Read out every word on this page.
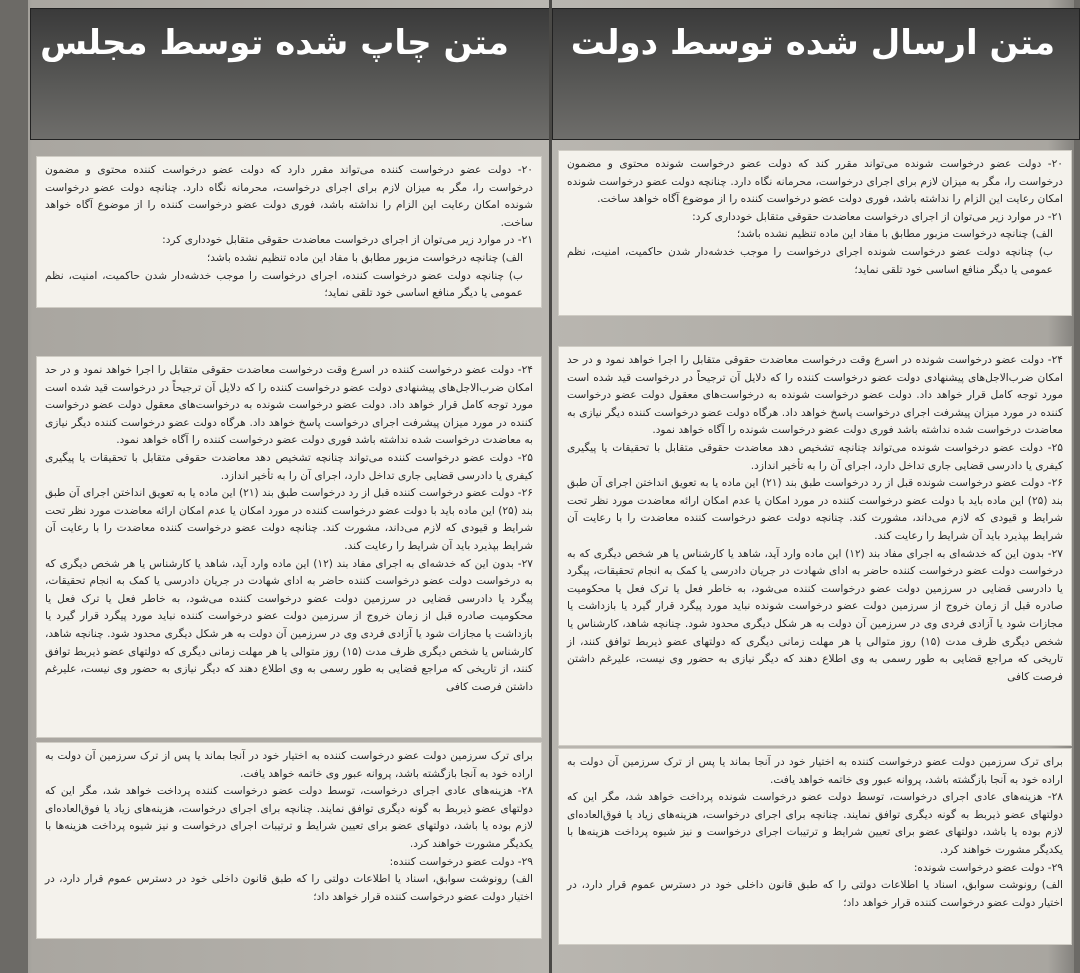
متن ارسال شده توسط دولت
متن چاپ شده توسط مجلس

۲۰- دولت عضو درخواست شونده می‌تواند مقرر کند که دولت عضو درخواست شونده محتوی و مضمون درخواست را، مگر به میزان لازم برای اجرای درخواست، محرمانه نگاه دارد. چنانچه دولت عضو درخواست شونده امکان رعایت این الزام را نداشته باشد، فوری دولت عضو درخواست کننده را از موضوع آگاه خواهد ساخت.

۲۱- در موارد زیر می‌توان از اجرای درخواست معاضدت حقوقی متقابل خودداری کرد:

الف) چنانچه درخواست مزبور مطابق با مفاد این ماده تنظیم نشده باشد؛

ب) چنانچه دولت عضو درخواست شونده اجرای درخواست را موجب خدشه‌دار شدن حاکمیت، امنیت، نظم عمومی یا دیگر منافع اساسی خود تلقی نماید؛

۲۴- دولت عضو درخواست شونده در اسرع وقت درخواست معاضدت حقوقی متقابل را اجرا خواهد نمود و در حد امکان ضرب‌الاجل‌های پیشنهادی دولت عضو درخواست کننده را که دلایل آن ترجیحاً در درخواست قید شده است مورد توجه کامل قرار خواهد داد. دولت عضو درخواست شونده به درخواست‌های معقول دولت عضو درخواست کننده در مورد میزان پیشرفت اجرای درخواست پاسخ خواهد داد. هرگاه دولت عضو درخواست کننده دیگر نیازی به معاضدت درخواست شده نداشته باشد فوری دولت عضو درخواست شونده را آگاه خواهد نمود.

۲۵- دولت عضو درخواست شونده می‌تواند چنانچه تشخیص دهد معاضدت حقوقی متقابل با تحقیقات یا پیگیری کیفری یا دادرسی قضایی جاری تداخل دارد، اجرای آن را به تأخیر اندازد.

۲۶- دولت عضو درخواست شونده قبل از رد درخواست طبق بند (۲۱) این ماده یا به تعویق انداختن اجرای آن طبق بند (۲۵) این ماده باید با دولت عضو درخواست کننده در مورد امکان یا عدم امکان ارائه معاضدت مورد نظر تحت شرایط و قیودی که لازم می‌داند، مشورت کند. چنانچه دولت عضو درخواست کننده معاضدت را با رعایت آن شرایط بپذیرد باید آن شرایط را رعایت کند.

۲۷- بدون این که خدشه‌ای به اجرای مفاد بند (۱۲) این ماده وارد آید، شاهد یا کارشناس یا هر شخص دیگری که به درخواست دولت عضو درخواست کننده حاضر به ادای شهادت در جریان دادرسی یا کمک به انجام تحقیقات، پیگرد یا دادرسی قضایی در سرزمین دولت عضو درخواست کننده می‌شود، به خاطر فعل یا ترک فعل یا محکومیت صادره قبل از زمان خروج از سرزمین دولت عضو درخواست شونده نباید مورد پیگرد قرار گیرد یا بازداشت یا مجازات شود یا آزادی فردی وی در سرزمین آن دولت به هر شکل دیگری محدود شود. چنانچه شاهد، کارشناس یا شخص دیگری ظرف مدت (۱۵) روز متوالی یا هر مهلت زمانی دیگری که دولتهای عضو ذیربط توافق کنند، از تاریخی که مراجع قضایی به طور رسمی به وی اطلاع دهند که دیگر نیازی به حضور وی نیست، علیرغم داشتن فرصت کافی

برای ترک سرزمین دولت عضو درخواست کننده به اختیار خود در آنجا بماند یا پس از ترک سرزمین آن دولت به اراده خود به آنجا بازگشته باشد، پروانه عبور وی خاتمه خواهد یافت.

۲۸- هزینه‌های عادی اجرای درخواست، توسط دولت عضو درخواست شونده پرداخت خواهد شد، مگر این که دولتهای عضو ذیربط به گونه دیگری توافق نمایند. چنانچه برای اجرای درخواست، هزینه‌های زیاد یا فوق‌العاده‌ای لازم بوده یا باشد، دولتهای عضو برای تعیین شرایط و ترتیبات اجرای درخواست و نیز شیوه پرداخت هزینه‌ها با یکدیگر مشورت خواهند کرد.

۲۹- دولت عضو درخواست شونده:

الف) رونوشت سوابق، اسناد یا اطلاعات دولتی را که طبق قانون داخلی خود در دسترس عموم قرار دارد، در اختیار دولت عضو درخواست کننده قرار خواهد داد؛

۲۰- دولت عضو درخواست کننده می‌تواند مقرر دارد که دولت عضو درخواست کننده محتوی و مضمون درخواست را، مگر به میزان لازم برای اجرای درخواست، محرمانه نگاه دارد. چنانچه دولت عضو درخواست شونده امکان رعایت این الزام را نداشته باشد، فوری دولت عضو درخواست کننده را از موضوع آگاه خواهد ساخت.

۲۱- در موارد زیر می‌توان از اجرای درخواست معاضدت حقوقی متقابل خودداری کرد:

الف) چنانچه درخواست مزبور مطابق با مفاد این ماده تنظیم نشده باشد؛

ب) چنانچه دولت عضو درخواست کننده، اجرای درخواست را موجب خدشه‌دار شدن حاکمیت، امنیت، نظم عمومی یا دیگر منافع اساسی خود تلقی نماید؛

۲۴- دولت عضو درخواست کننده در اسرع وقت درخواست معاضدت حقوقی متقابل را اجرا خواهد نمود و در حد امکان ضرب‌الاجل‌های پیشنهادی دولت عضو درخواست کننده را که دلایل آن ترجیحاً در درخواست قید شده است مورد توجه کامل قرار خواهد داد. دولت عضو درخواست شونده به درخواست‌های معقول دولت عضو درخواست کننده در مورد میزان پیشرفت اجرای درخواست پاسخ خواهد داد. هرگاه دولت عضو درخواست کننده دیگر نیازی به معاضدت درخواست شده نداشته باشد فوری دولت عضو درخواست کننده را آگاه خواهد نمود.

۲۵- دولت عضو درخواست کننده می‌تواند چنانچه تشخیص دهد معاضدت حقوقی متقابل با تحقیقات یا پیگیری کیفری یا دادرسی قضایی جاری تداخل دارد، اجرای آن را به تأخیر اندازد.

۲۶- دولت عضو درخواست کننده قبل از رد درخواست طبق بند (۲۱) این ماده یا به تعویق انداختن اجرای آن طبق بند (۲۵) این ماده باید با دولت عضو درخواست کننده در مورد امکان یا عدم امکان ارائه معاضدت مورد نظر تحت شرایط و قیودی که لازم می‌داند، مشورت کند. چنانچه دولت عضو درخواست کننده معاضدت را با رعایت آن شرایط بپذیرد باید آن شرایط را رعایت کند.

۲۷- بدون این که خدشه‌ای به اجرای مفاد بند (۱۲) این ماده وارد آید، شاهد یا کارشناس یا هر شخص دیگری که به درخواست دولت عضو درخواست کننده حاضر به ادای شهادت در جریان دادرسی یا کمک به انجام تحقیقات، پیگرد یا دادرسی قضایی در سرزمین دولت عضو درخواست کننده می‌شود، به خاطر فعل یا ترک فعل یا محکومیت صادره قبل از زمان خروج از سرزمین دولت عضو درخواست کننده نباید مورد پیگرد قرار گیرد یا بازداشت یا مجازات شود یا آزادی فردی وی در سرزمین آن دولت به هر شکل دیگری محدود شود. چنانچه شاهد، کارشناس یا شخص دیگری ظرف مدت (۱۵) روز متوالی یا هر مهلت زمانی دیگری که دولتهای عضو ذیربط توافق کنند، از تاریخی که مراجع قضایی به طور رسمی به وی اطلاع دهند که دیگر نیازی به حضور وی نیست، علیرغم داشتن فرصت کافی

برای ترک سرزمین دولت عضو درخواست کننده به اختیار خود در آنجا بماند یا پس از ترک سرزمین آن دولت به اراده خود به آنجا بازگشته باشد، پروانه عبور وی خاتمه خواهد یافت.

۲۸- هزینه‌های عادی اجرای درخواست، توسط دولت عضو درخواست کننده پرداخت خواهد شد، مگر این که دولتهای عضو ذیربط به گونه دیگری توافق نمایند. چنانچه برای اجرای درخواست، هزینه‌های زیاد یا فوق‌العاده‌ای لازم بوده یا باشد، دولتهای عضو برای تعیین شرایط و ترتیبات اجرای درخواست و نیز شیوه پرداخت هزینه‌ها با یکدیگر مشورت خواهند کرد.

۲۹- دولت عضو درخواست کننده:

الف) رونوشت سوابق، اسناد یا اطلاعات دولتی را که طبق قانون داخلی خود در دسترس عموم قرار دارد، در اختیار دولت عضو درخواست کننده قرار خواهد داد؛
